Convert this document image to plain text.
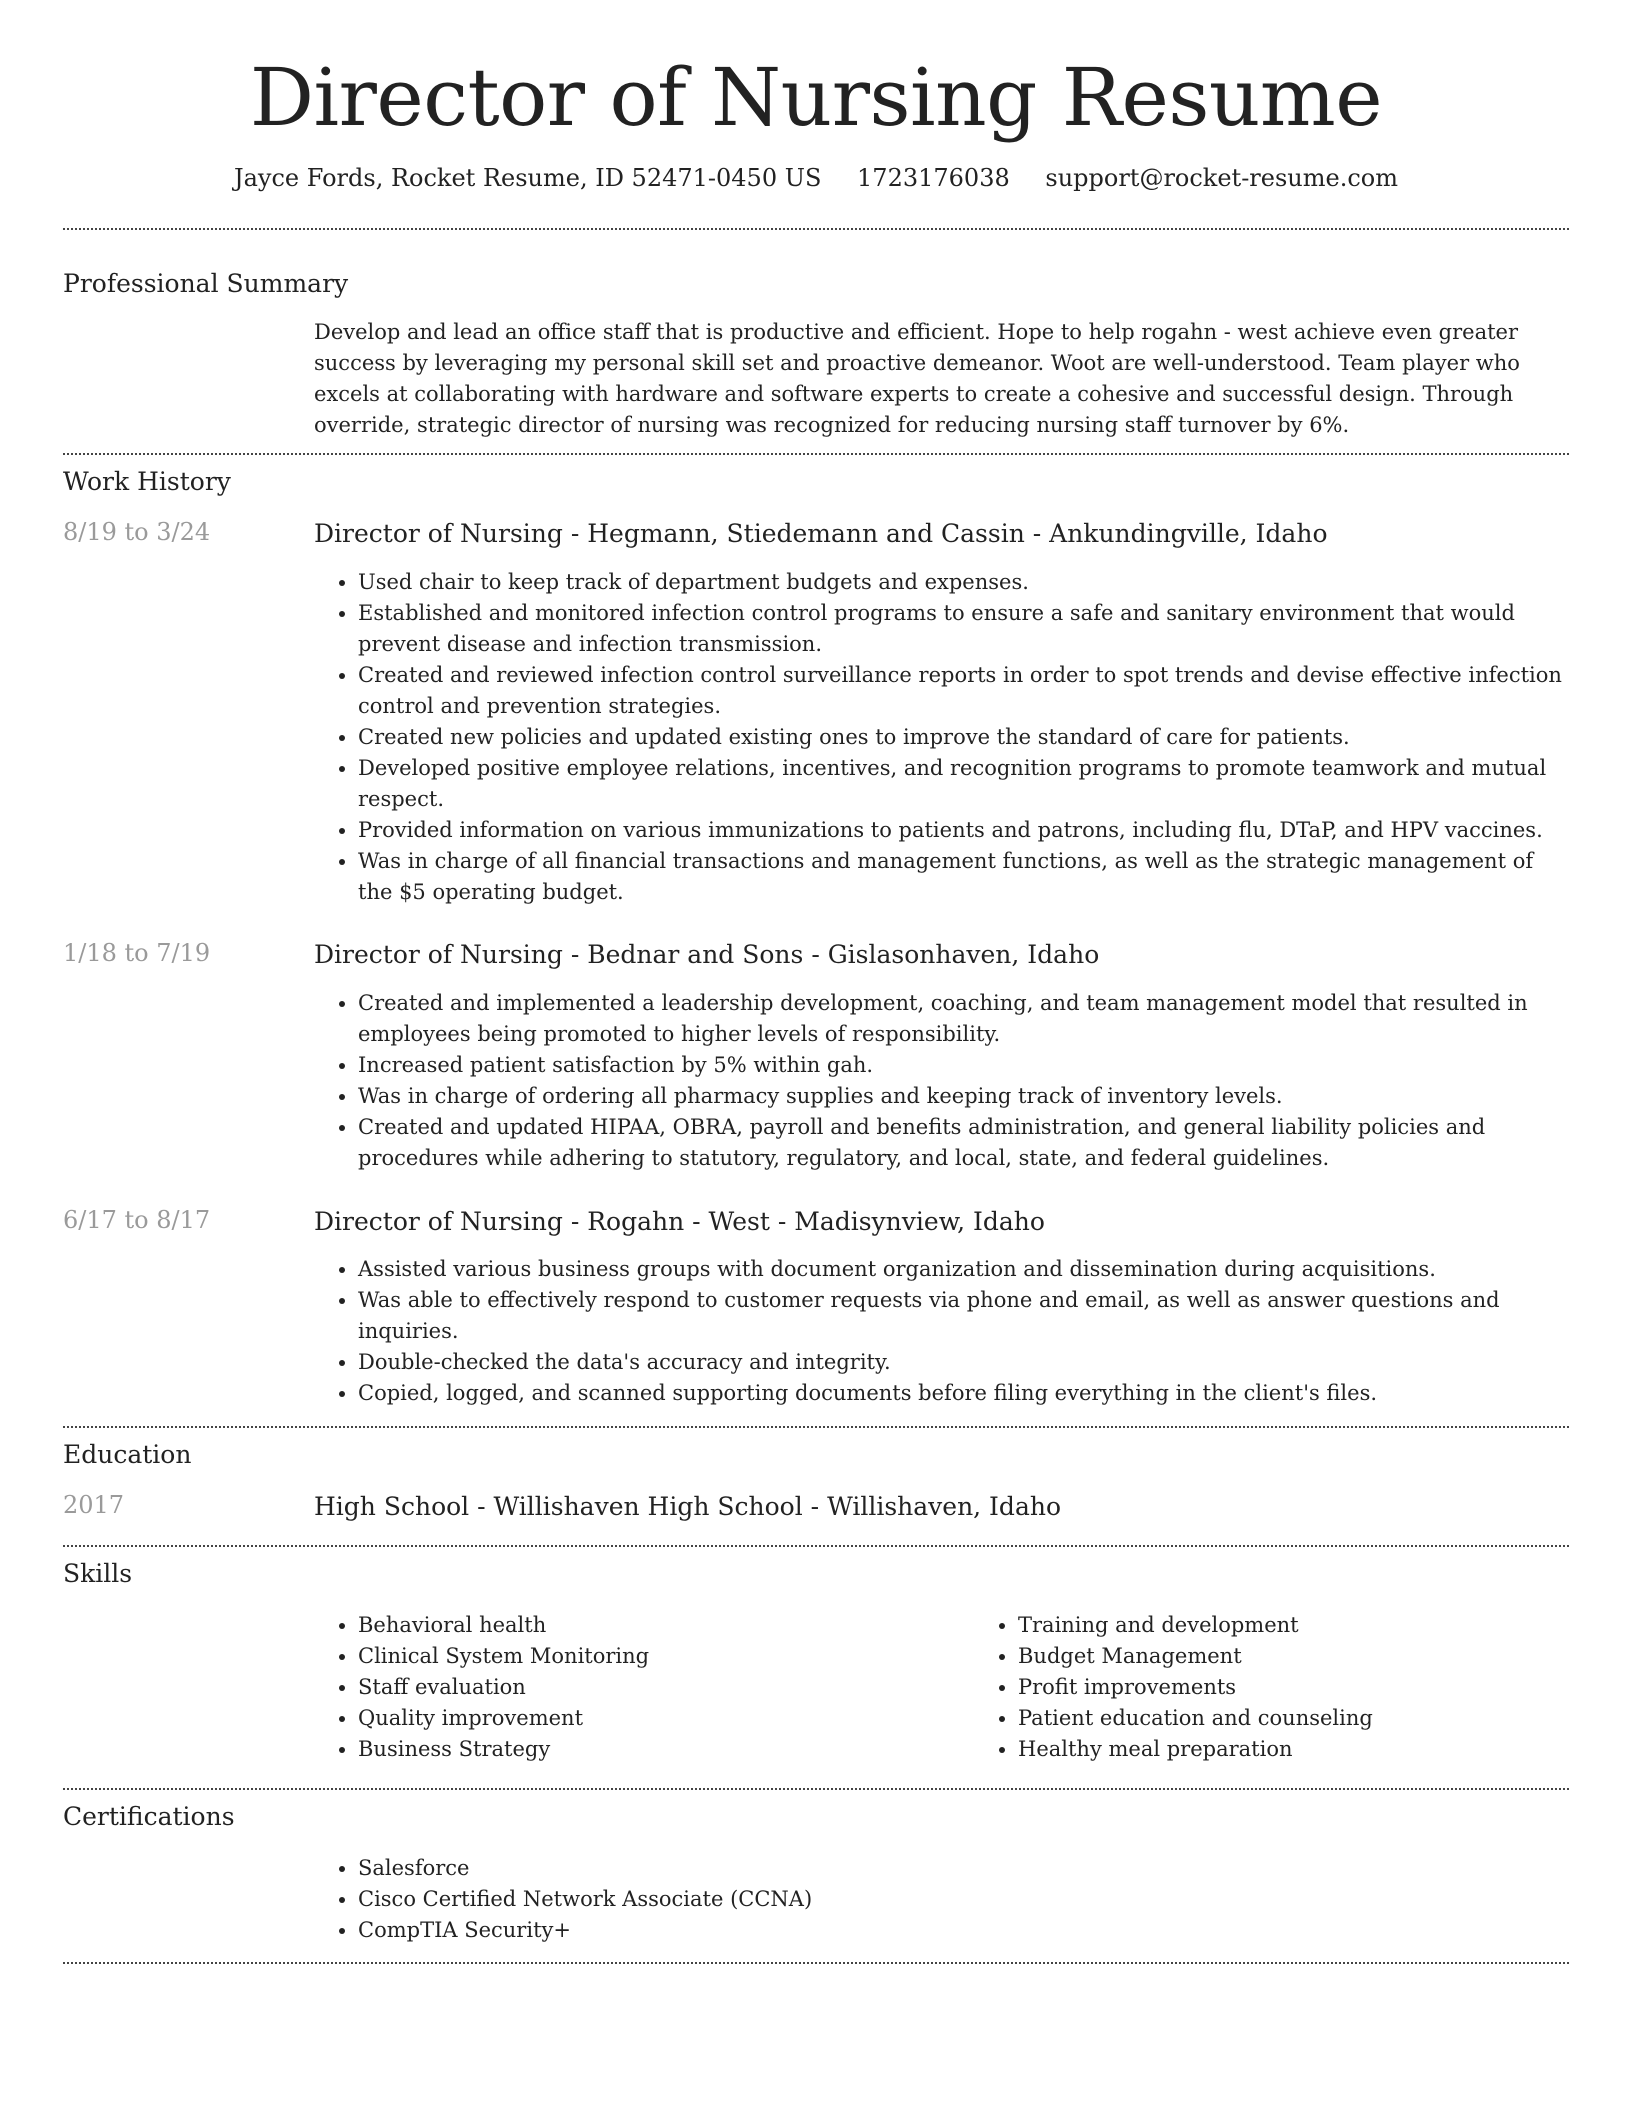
Director of Nursing Resume
Jayce Fords, Rocket Resume, ID 52471-0450 US 1723176038 support@rocket-resume.com
Professional Summary
Develop and lead an office staff that is productive and efficient. Hope to help rogahn - west achieve even greater success by leveraging my personal skill set and proactive demeanor. Woot are well-understood. Team player who excels at collaborating with hardware and software experts to create a cohesive and successful design. Through override, strategic director of nursing was recognized for reducing nursing staff turnover by 6%.
Work History
8/19 to 3/24	Director of Nursing - Hegmann, Stiedemann and Cassin - Ankundingville, Idaho
• Used chair to keep track of department budgets and expenses.
• Established and monitored infection control programs to ensure a safe and sanitary environment that would prevent disease and infection transmission.
• Created and reviewed infection control surveillance reports in order to spot trends and devise effective infection control and prevention strategies.
• Created new policies and updated existing ones to improve the standard of care for patients.
• Developed positive employee relations, incentives, and recognition programs to promote teamwork and mutual respect.
• Provided information on various immunizations to patients and patrons, including flu, DTaP, and HPV vaccines.
• Was in charge of all financial transactions and management functions, as well as the strategic management of the $5 operating budget.
1/18 to 7/19	Director of Nursing - Bednar and Sons - Gislasonhaven, Idaho
• Created and implemented a leadership development, coaching, and team management model that resulted in employees being promoted to higher levels of responsibility.
• Increased patient satisfaction by 5% within gah.
• Was in charge of ordering all pharmacy supplies and keeping track of inventory levels.
• Created and updated HIPAA, OBRA, payroll and benefits administration, and general liability policies and procedures while adhering to statutory, regulatory, and local, state, and federal guidelines.
6/17 to 8/17	Director of Nursing - Rogahn - West - Madisynview, Idaho
• Assisted various business groups with document organization and dissemination during acquisitions.
• Was able to effectively respond to customer requests via phone and email, as well as answer questions and inquiries.
• Double-checked the data's accuracy and integrity.
• Copied, logged, and scanned supporting documents before filing everything in the client's files.
Education
2017	High School - Willishaven High School - Willishaven, Idaho
Skills
• Behavioral health
• Clinical System Monitoring
• Staff evaluation
• Quality improvement
• Business Strategy
• Training and development
• Budget Management
• Profit improvements
• Patient education and counseling
• Healthy meal preparation
Certifications
• Salesforce
• Cisco Certified Network Associate (CCNA)
• CompTIA Security+
